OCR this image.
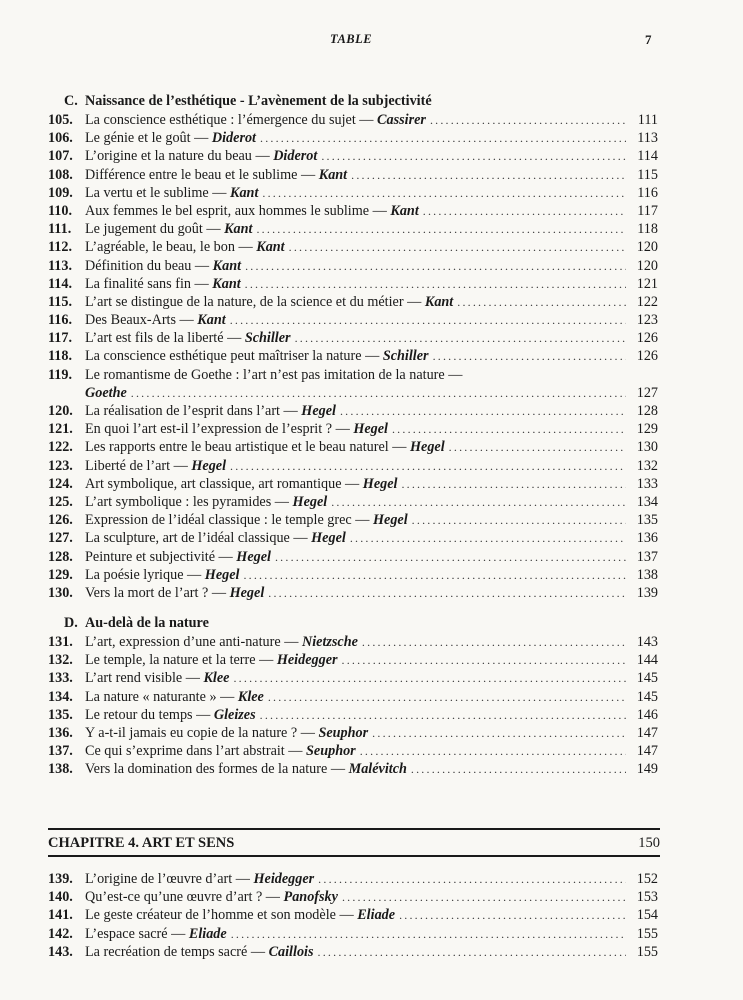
TABLE	7
C. Naissance de l’esthétique - L’avènement de la subjectivité
105. La conscience esthétique : l’émergence du sujet — Cassirer .....	111
106. Le génie et le goût — Diderot .....	113
107. L’origine et la nature du beau — Diderot .....	114
108. Différence entre le beau et le sublime — Kant .....	115
109. La vertu et le sublime — Kant .....	116
110. Aux femmes le bel esprit, aux hommes le sublime — Kant .....	117
111. Le jugement du goût — Kant .....	118
112. L’agréable, le beau, le bon — Kant .....	120
113. Définition du beau — Kant .....	120
114. La finalité sans fin — Kant .....	121
115. L’art se distingue de la nature, de la science et du métier — Kant .....	122
116. Des Beaux-Arts — Kant .....	123
117. L’art est fils de la liberté — Schiller .....	126
118. La conscience esthétique peut maîtriser la nature — Schiller .....	126
119. Le romantisme de Goethe : l’art n’est pas imitation de la nature —
Goethe .....	127
120. La réalisation de l’esprit dans l’art — Hegel .....	128
121. En quoi l’art est-il l’expression de l’esprit ? — Hegel .....	129
122. Les rapports entre le beau artistique et le beau naturel — Hegel .....	130
123. Liberté de l’art — Hegel .....	132
124. Art symbolique, art classique, art romantique — Hegel .....	133
125. L’art symbolique : les pyramides — Hegel .....	134
126. Expression de l’idéal classique : le temple grec — Hegel .....	135
127. La sculpture, art de l’idéal classique — Hegel .....	136
128. Peinture et subjectivité — Hegel .....	137
129. La poésie lyrique — Hegel .....	138
130. Vers la mort de l’art ? — Hegel .....	139
D. Au-delà de la nature
131. L’art, expression d’une anti-nature — Nietzsche .....	143
132. Le temple, la nature et la terre — Heidegger .....	144
133. L’art rend visible — Klee .....	145
134. La nature « naturante » — Klee .....	145
135. Le retour du temps — Gleizes .....	146
136. Y a-t-il jamais eu copie de la nature ? — Seuphor .....	147
137. Ce qui s’exprime dans l’art abstrait — Seuphor .....	147
138. Vers la domination des formes de la nature — Malévitch .....	149
CHAPITRE 4. ART ET SENS	150
139. L’origine de l’œuvre d’art — Heidegger .....	152
140. Qu’est-ce qu’une œuvre d’art ? — Panofsky .....	153
141. Le geste créateur de l’homme et son modèle — Eliade .....	154
142. L’espace sacré — Eliade .....	155
143. La recréation de temps sacré — Caillois .....	155
